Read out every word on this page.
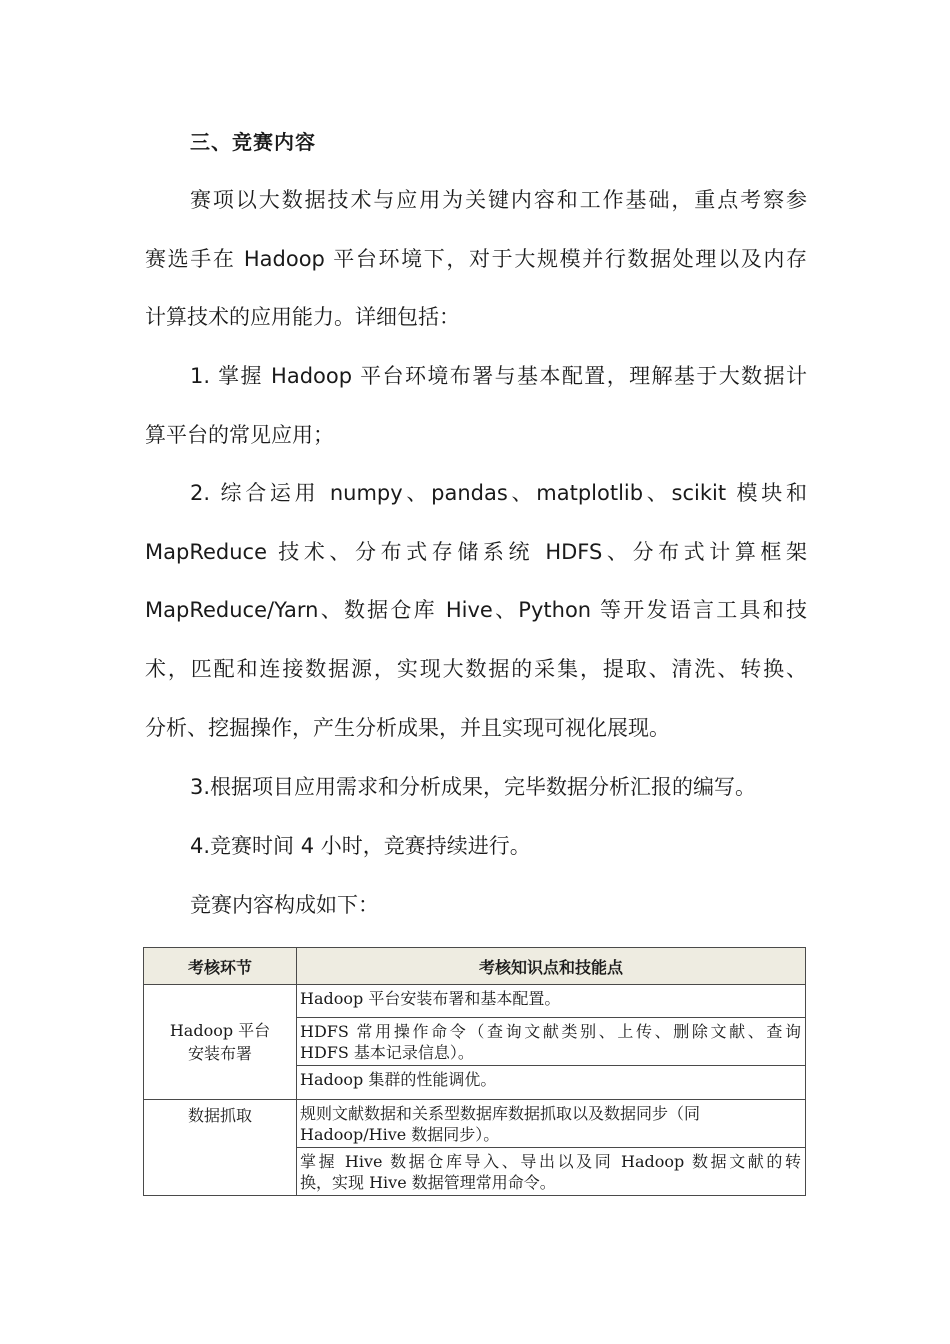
三、竞赛内容
赛项以大数据技术与应用为关键内容和工作基础，重点考察参
赛选手在 Hadoop 平台环境下，对于大规模并行数据处理以及内存
计算技术的应用能力。详细包括：
1. 掌握 Hadoop 平台环境布署与基本配置，理解基于大数据计
算平台的常见应用；
2. 综合运用 numpy、pandas、matplotlib、scikit 模块和
MapReduce 技术、分布式存储系统 HDFS、分布式计算框架
MapReduce/Yarn、数据仓库 Hive、Python 等开发语言工具和技
术，匹配和连接数据源，实现大数据的采集，提取、清洗、转换、
分析、挖掘操作，产生分析成果，并且实现可视化展现。
3.根据项目应用需求和分析成果，完毕数据分析汇报的编写。
4.竞赛时间 4 小时，竞赛持续进行。
竞赛内容构成如下：
考核环节	考核知识点和技能点

Hadoop 平台
安装布署	Hadoop 平台安装布署和基本配置。

	HDFS 常用操作命令（查询文献类别、上传、删除文献、查询
HDFS 基本记录信息）。

	Hadoop 集群的性能调优。

数据抓取	规则文献数据和关系型数据库数据抓取以及数据同步（同
Hadoop/Hive 数据同步）。

	掌握 Hive 数据仓库导入、导出以及同 Hadoop 数据文献的转
换，实现 Hive 数据管理常用命令。
